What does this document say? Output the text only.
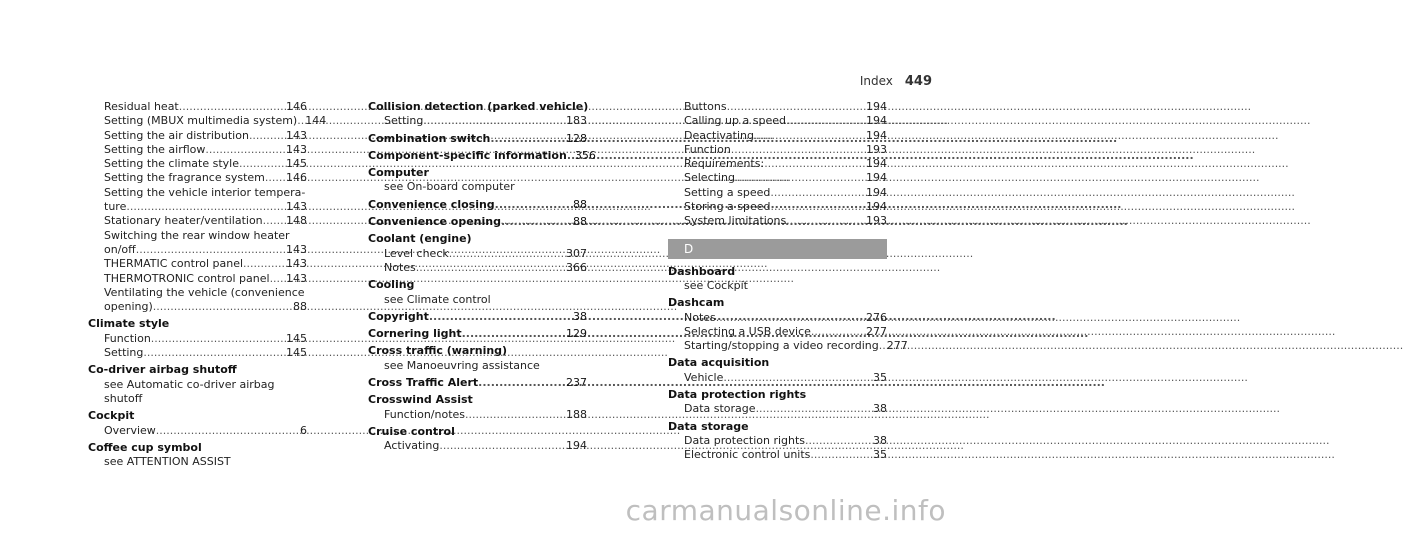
Index 449
Residual heat .....	146
Setting (MBUX multimedia system) ..... 144
Setting the air distribution .....	143
Setting the airflow .....	143
Setting the climate style .....	145
Setting the fragrance system ..... 146
Setting the vehicle interior tempera-
ture .....	143
Stationary heater/ventilation ..... 148
Switching the rear window heater
on/off .....	143
THERMATIC control panel .....	143
THERMOTRONIC control panel ..... 143
Ventilating the vehicle (convenience
opening) .....	88
Climate style
Function .....	145
Setting .....	145
Co-driver airbag shutoff
see Automatic co-driver airbag shutoff
Cockpit
Overview .....	6
Coffee cup symbol
see ATTENTION ASSIST
Collision detection (parked vehicle)
Setting .....	183
Combination switch .....	128
Component-specific information ..... 356
Computer
see On-board computer
Convenience closing .....	88
Convenience opening .....	88
Coolant (engine)
Level check .....	307
Notes .....	366
Cooling
see Climate control
Copyright .....	38
Cornering light .....	129
Cross traffic (warning)
see Manoeuvring assistance
Cross Traffic Alert .....	237
Crosswind Assist
Function/notes .....	188
Cruise control
Activating .....	194
Buttons .....	194
Calling up a speed .....	194
Deactivating .....	194
Function .....	193
Requirements: .....	194
Selecting .....	194
Setting a speed .....	194
Storing a speed .....	194
System limitations .....	193
D
Dashboard
see Cockpit
Dashcam
Notes .....	276
Selecting a USB device .....	277
Starting/stopping a video recording ..... 277
Data acquisition
Vehicle .....	35
Data protection rights
Data storage .....	38
Data storage
Data protection rights .....	38
Electronic control units .....	35
carmanualsonline.info
